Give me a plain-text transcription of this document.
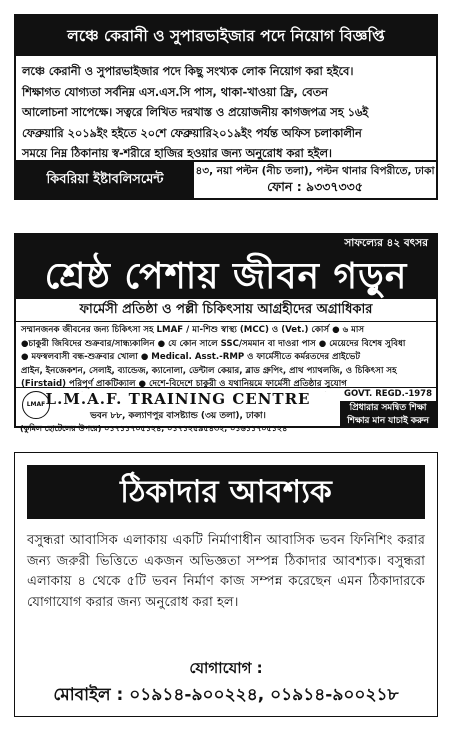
লঞ্চে কেরানী ও সুপারভাইজার পদে নিয়োগ বিজ্ঞপ্তি
লঞ্চে কেরানী ও সুপারভাইজার পদে কিছু সংখ্যক লোক নিয়োগ করা হইবে।
শিক্ষাগত যোগ্যতা সর্বনিম্ন এস.এস.সি পাস, থাকা-খাওয়া ফ্রি, বেতন
আলোচনা সাপেক্ষে। সত্বরে লিখিত দরখাস্ত ও প্রয়োজনীয় কাগজপত্র সহ ১৬ই
ফেব্রুয়ারি ২০১৯ইং হইতে ২০শে ফেব্রুয়ারি২০১৯ইং পর্যন্ত অফিস চলাকালীন
সময়ে নিম্ন ঠিকানায় স্ব-শরীরে হাজির হওয়ার জন্য অনুরোধ করা হইল।
কিবরিয়া ইষ্টাবলিসমেন্ট
৪৩, নয়া পল্টন (নীচ তলা), পল্টন থানার বিপরীতে, ঢাকা
ফোন : ৯৩৩৭৩৩৫
সাফল্যের ৪২ বৎসর
শ্রেষ্ঠ পেশায় জীবন গড়ুন
ফার্মেসী প্রতিষ্ঠা ও পল্লী চিকিৎসায় আগ্রহীদের অগ্রাধিকার
সম্মানজনক জীবনের জন্য চিকিৎসা সহ LMAF / মা-শিশু স্বাস্থ্য (MCC) ও (Vet.) কোর্স ● ৬ মাস
●চাকুরী জিবিদের শুক্রবার/সান্ধ্যকালিন ● যে কোন সালে SSC/সমমান বা দাওরা পাস ● মেয়েদের বিশেষ সুবিধা
● মফস্বলবাসী বন্ধ-শুক্রবার খোলা ● Medical. Asst.-RMP ও ফার্মেসীতে কর্মরতদের প্রাইভেট
প্রাইন, ইনজেকশন, সেলাই, ব্যান্ডেজ, ক্যানোলা, ডেন্টাল কেয়ার, ব্লাড গ্রুপিং, প্রাথ প্যাথলজি, ও চিকিৎসা সহ
(Firstaid) পরিপূর্ণ প্রাকটিক্যাল ● দেশে-বিদেশে চাকুরী ও যথানিয়মে ফার্মেসী প্রতিষ্ঠার সুযোগ
LMAF L.M.A.F. TRAINING CENTRE
ভবন ৮৮, কল্যাণপুর বাসষ্ট্যান্ড (৩য় তলা), ঢাকা।
(কুমিল হোটেলের উপরে) ০১৭১১৭০৫১২৪, ০১৭১২৫৯৫৪৩২, ০১৬১১৭০৫১২৪
GOVT. REGD.-1978
প্রিধারার সমন্বিত শিক্ষা
শিক্ষার মান যাচাই করুন
ঠিকাদার আবশ্যক
বসুন্ধরা আবাসিক এলাকায় একটি নির্মাণাধীন আবাসিক ভবন ফিনিশিং করার জন্য জরুরী ভিত্তিতে একজন অভিজ্ঞতা সম্পন্ন ঠিকাদার আবশ্যক। বসুন্ধরা এলাকায় ৪ থেকে ৫টি ভবন নির্মাণ কাজ সম্পন্ন করেছেন এমন ঠিকাদারকে যোগাযোগ করার জন্য অনুরোধ করা হল।
যোগাযোগ :
মোবাইল : ০১৯১৪-৯০০২২৪, ০১৯১৪-৯০০২১৮
